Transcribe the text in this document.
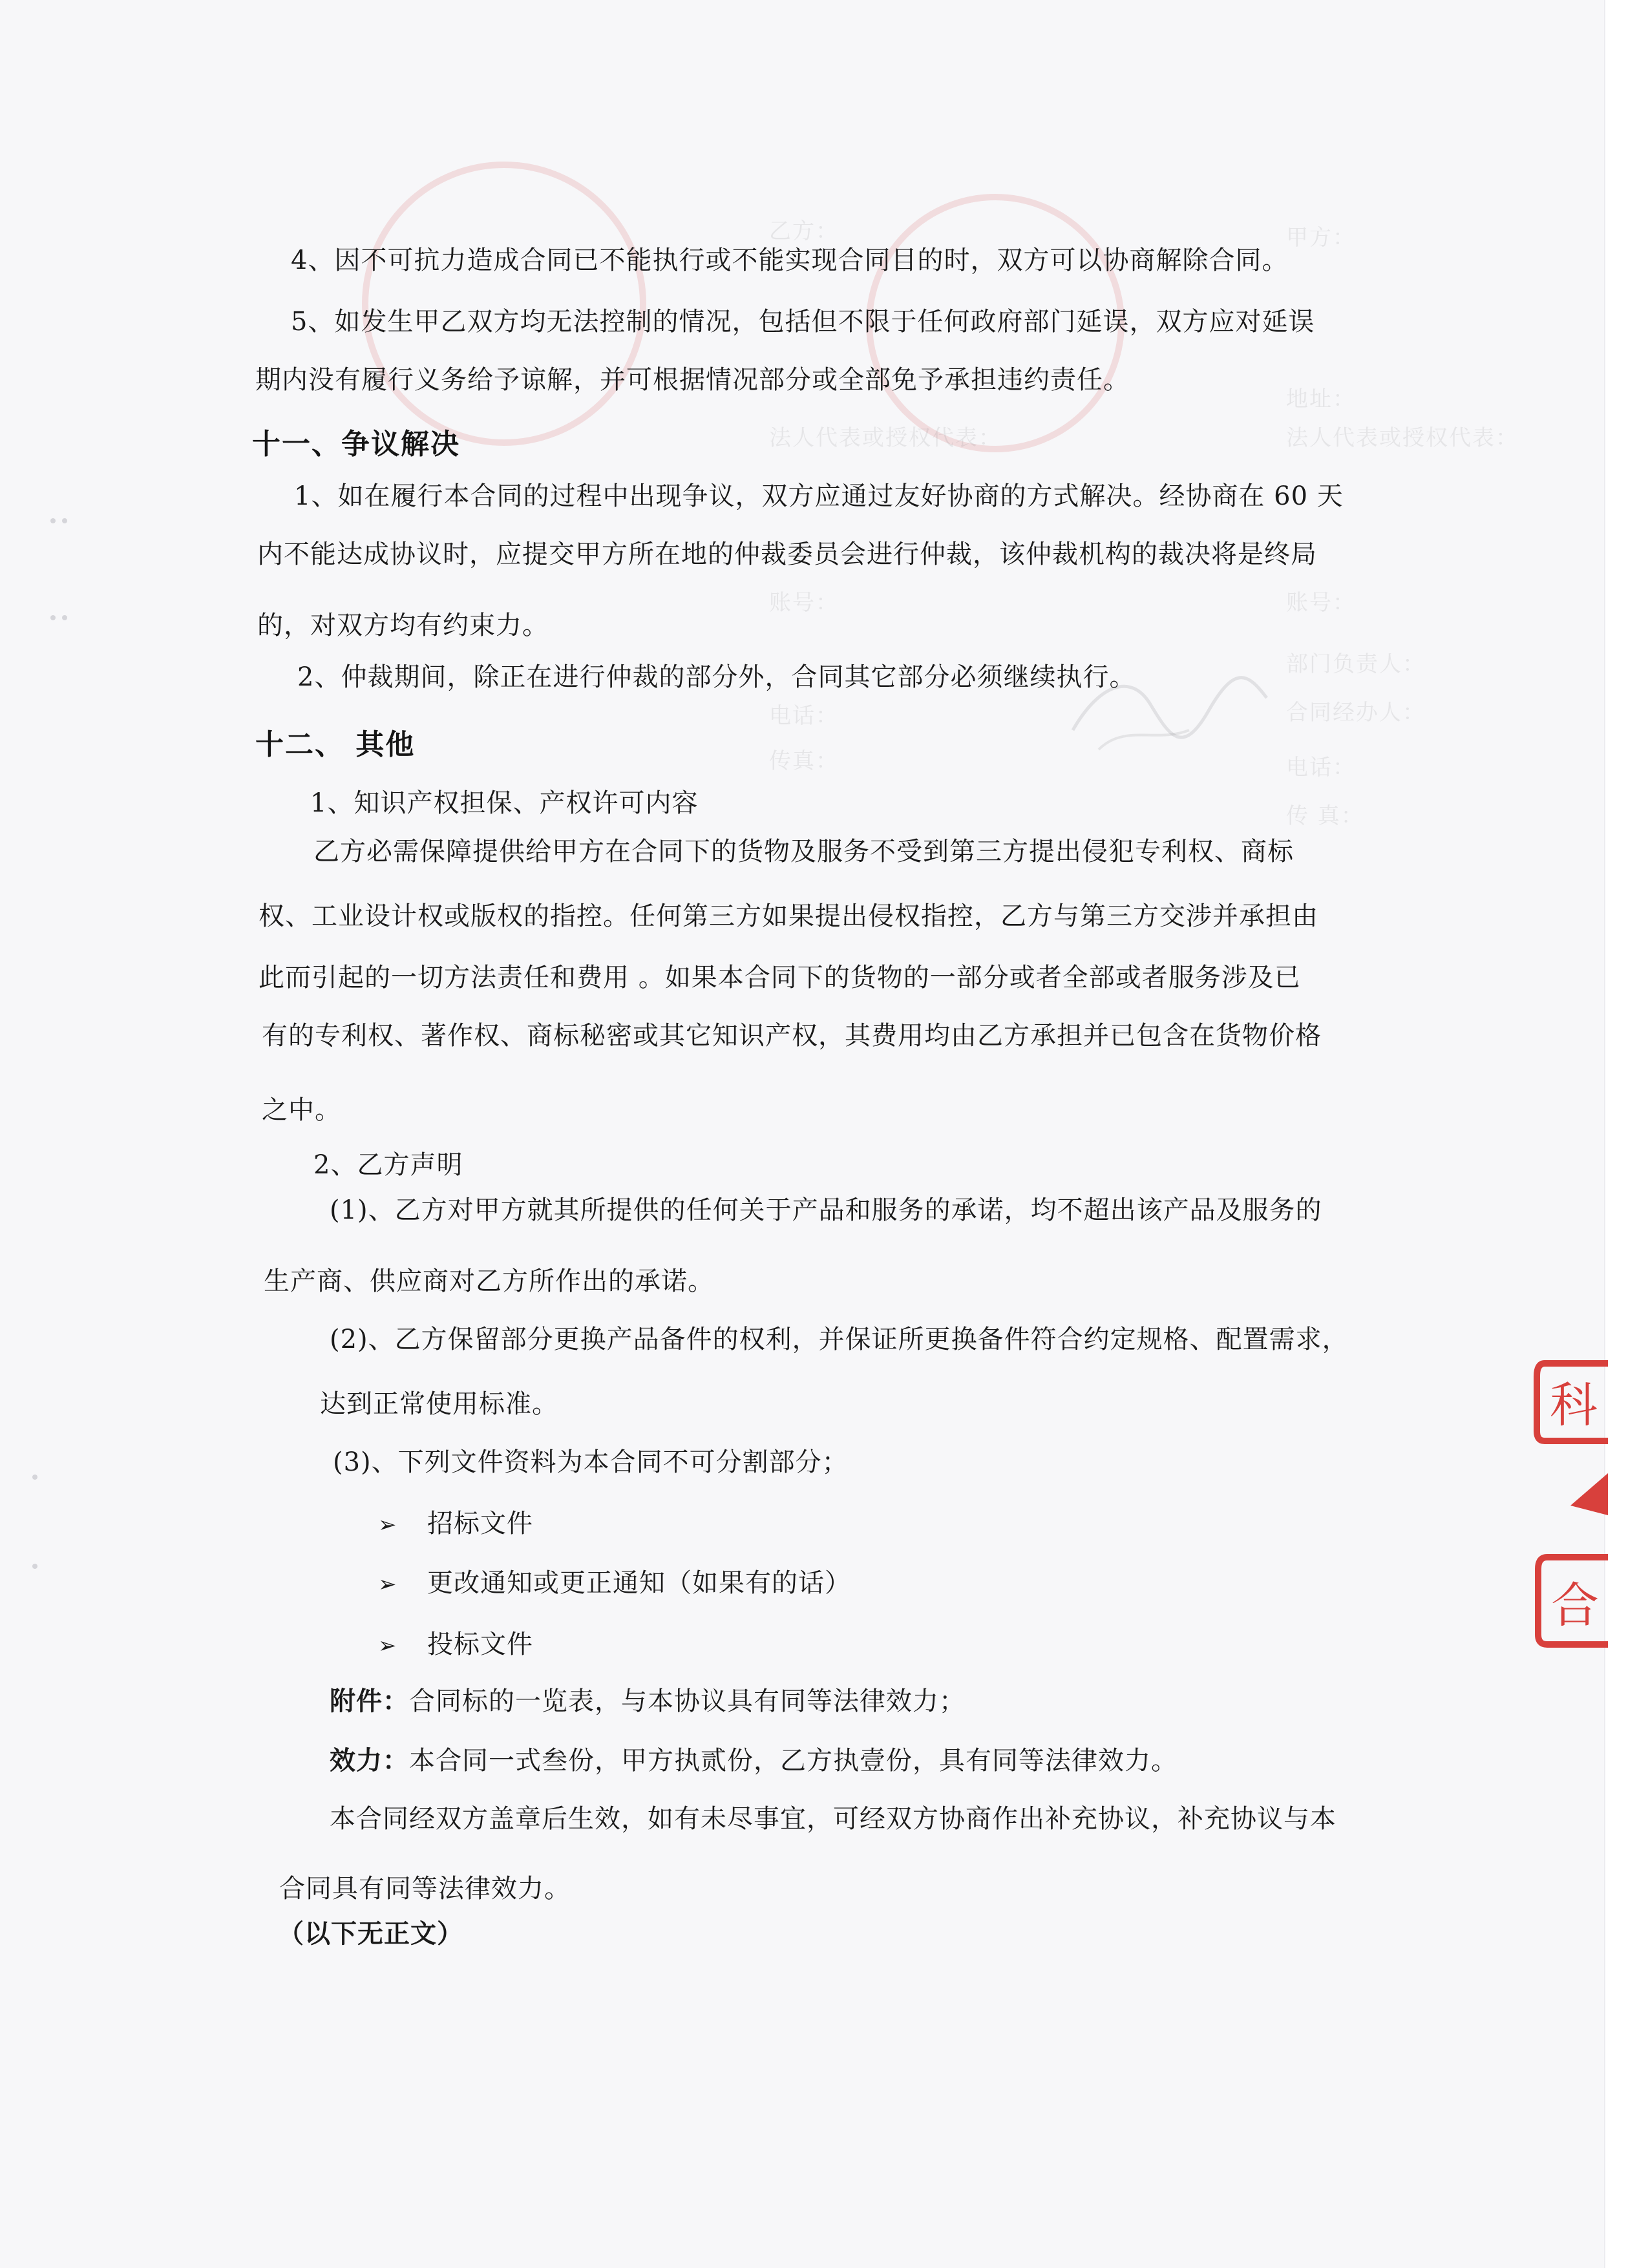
甲方：
乙方：
地址：
法人代表或授权代表：
法人代表或授权代表：
账号：
账号：
部门负责人：
合同经办人：
电话：
电话：
传真：
传 真：
4、因不可抗力造成合同已不能执行或不能实现合同目的时，双方可以协商解除合同。
5、如发生甲乙双方均无法控制的情况，包括但不限于任何政府部门延误，双方应对延误
期内没有履行义务给予谅解，并可根据情况部分或全部免予承担违约责任。
十一、争议解决
1、如在履行本合同的过程中出现争议，双方应通过友好协商的方式解决。经协商在 60 天
内不能达成协议时，应提交甲方所在地的仲裁委员会进行仲裁，该仲裁机构的裁决将是终局
的，对双方均有约束力。
2、仲裁期间，除正在进行仲裁的部分外，合同其它部分必须继续执行。
十二、 其他
1、知识产权担保、产权许可内容
乙方必需保障提供给甲方在合同下的货物及服务不受到第三方提出侵犯专利权、商标
权、工业设计权或版权的指控。任何第三方如果提出侵权指控，乙方与第三方交涉并承担由
此而引起的一切方法责任和费用 。如果本合同下的货物的一部分或者全部或者服务涉及已
有的专利权、著作权、商标秘密或其它知识产权，其费用均由乙方承担并已包含在货物价格
之中。
2、乙方声明
(1)、乙方对甲方就其所提供的任何关于产品和服务的承诺，均不超出该产品及服务的
生产商、供应商对乙方所作出的承诺。
(2)、乙方保留部分更换产品备件的权利，并保证所更换备件符合约定规格、配置需求，
达到正常使用标准。
(3)、下列文件资料为本合同不可分割部分；
➢ 招标文件
➢ 更改通知或更正通知（如果有的话）
➢ 投标文件
附件：合同标的一览表，与本协议具有同等法律效力；
效力：本合同一式叁份，甲方执贰份，乙方执壹份，具有同等法律效力。
本合同经双方盖章后生效，如有未尽事宜，可经双方协商作出补充协议，补充协议与本
合同具有同等法律效力。
（以下无正文）
科
合
